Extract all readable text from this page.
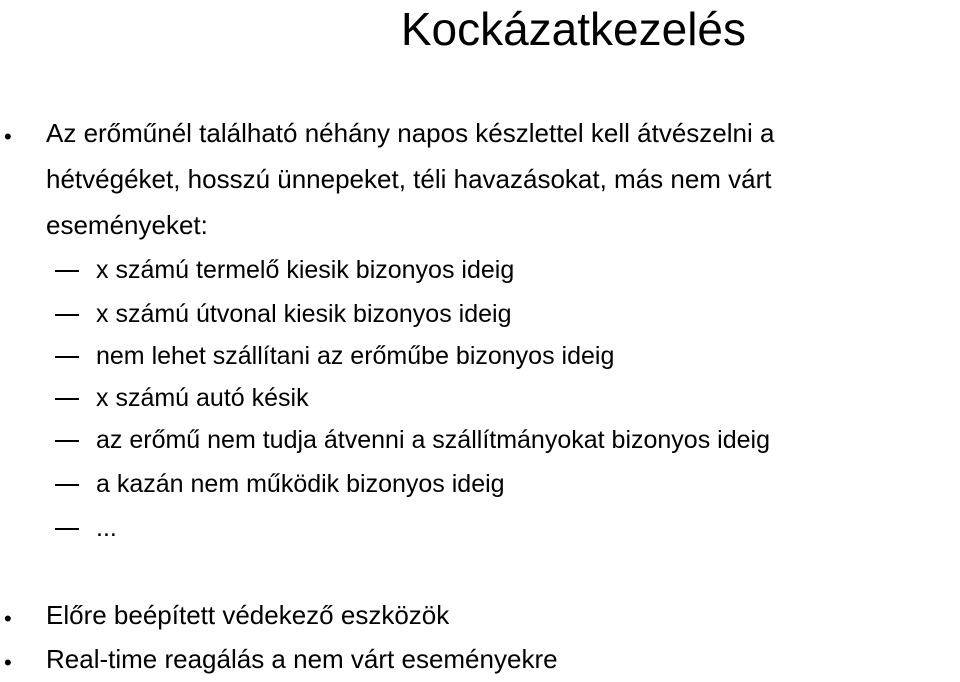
Kockázatkezelés
• Az erőműnél található néhány napos készlettel kell átvészelni a
hétvégéket, hosszú ünnepeket, téli havazásokat, más nem várt
eseményeket:
x számú termelő kiesik bizonyos ideig
x számú útvonal kiesik bizonyos ideig
nem lehet szállítani az erőműbe bizonyos ideig
x számú autó késik
az erőmű nem tudja átvenni a szállítmányokat bizonyos ideig
a kazán nem működik bizonyos ideig
...
• Előre beépített védekező eszközök
• Real-time reagálás a nem várt eseményekre
